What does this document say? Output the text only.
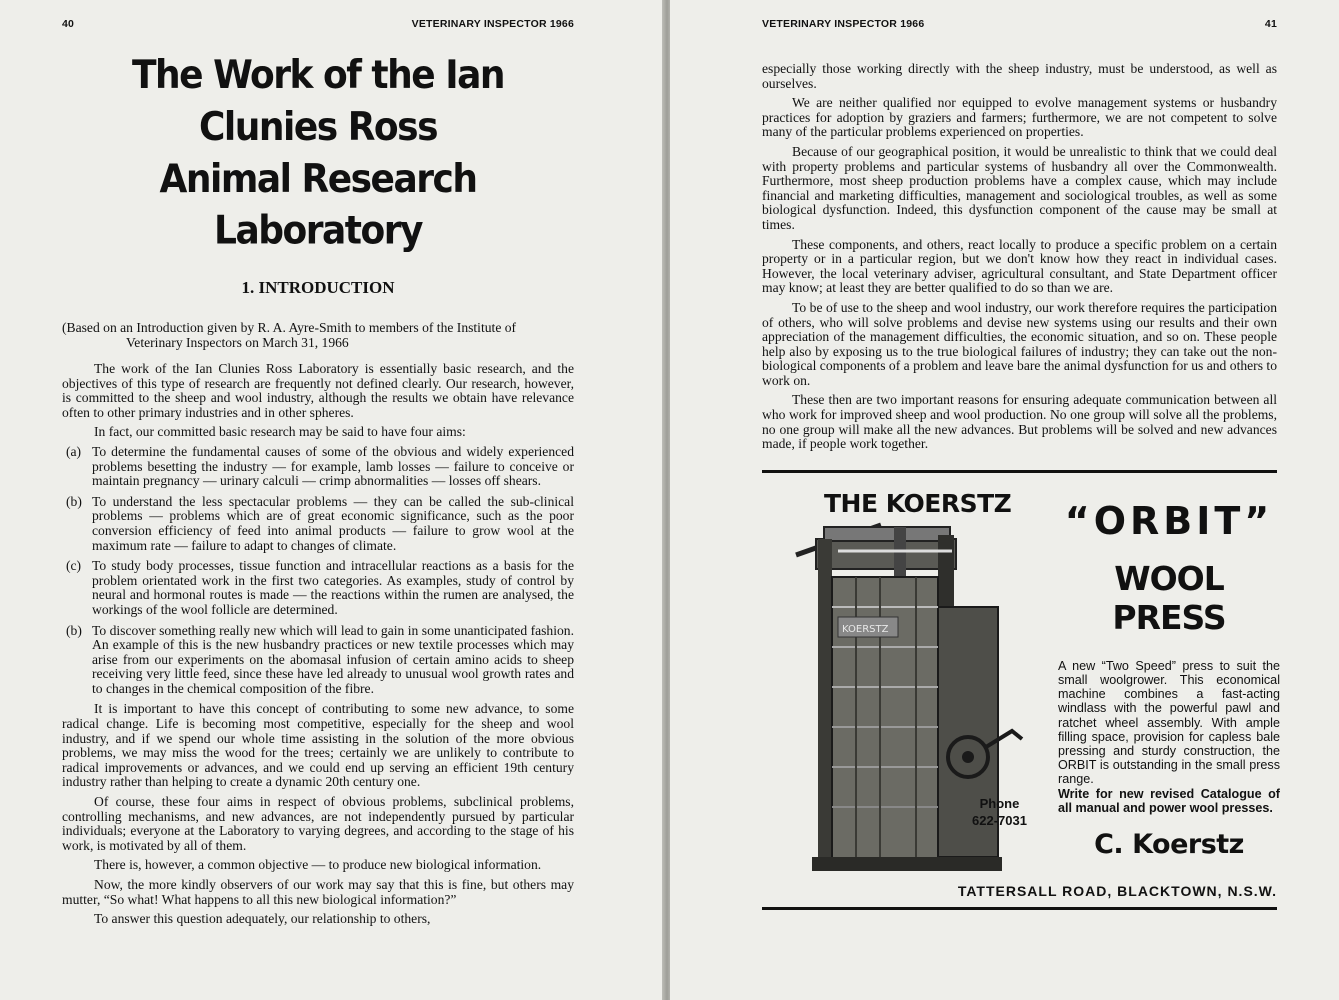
40	VETERINARY INSPECTOR 1966
The Work of the Ian Clunies Ross
Animal Research Laboratory
1. INTRODUCTION
(Based on an Introduction given by R. A. Ayre-Smith to members of the Institute of Veterinary Inspectors on March 31, 1966

The work of the Ian Clunies Ross Laboratory is essentially basic research, and the objectives of this type of research are frequently not defined clearly. Our research, however, is committed to the sheep and wool industry, although the results we obtain have relevance often to other primary industries and in other spheres.

In fact, our committed basic research may be said to have four aims:

(a) To determine the fundamental causes of some of the obvious and widely experienced problems besetting the industry — for example, lamb losses — failure to conceive or maintain pregnancy — urinary calculi — crimp abnormalities — losses off shears.
(b) To understand the less spectacular problems — they can be called the sub-clinical problems — problems which are of great economic significance, such as the poor conversion efficiency of feed into animal products — failure to grow wool at the maximum rate — failure to adapt to changes of climate.
(c) To study body processes, tissue function and intracellular reactions as a basis for the problem orientated work in the first two categories. As examples, study of control by neural and hormonal routes is made — the reactions within the rumen are analysed, the workings of the wool follicle are determined.
(b) To discover something really new which will lead to gain in some unanticipated fashion. An example of this is the new husbandry practices or new textile processes which may arise from our experiments on the abomasal infusion of certain amino acids to sheep receiving very little feed, since these have led already to unusual wool growth rates and to changes in the chemical composition of the fibre.

It is important to have this concept of contributing to some new advance, to some radical change. Life is becoming most competitive, especially for the sheep and wool industry, and if we spend our whole time assisting in the solution of the more obvious problems, we may miss the wood for the trees; certainly we are unlikely to contribute to radical improvements or advances, and we could end up serving an efficient 19th century industry rather than helping to create a dynamic 20th century one.

Of course, these four aims in respect of obvious problems, subclinical problems, controlling mechanisms, and new advances, are not independently pursued by particular individuals; everyone at the Laboratory to varying degrees, and according to the stage of his work, is motivated by all of them.

There is, however, a common objective — to produce new biological information.

Now, the more kindly observers of our work may say that this is fine, but others may mutter, “So what! What happens to all this new biological information?”

To answer this question adequately, our relationship to others,

VETERINARY INSPECTOR 1966	41

especially those working directly with the sheep industry, must be understood, as well as ourselves.

We are neither qualified nor equipped to evolve management systems or husbandry practices for adoption by graziers and farmers; furthermore, we are not competent to solve many of the particular problems experienced on properties.

Because of our geographical position, it would be unrealistic to think that we could deal with property problems and particular systems of husbandry all over the Commonwealth. Furthermore, most sheep production problems have a complex cause, which may include financial and marketing difficulties, management and sociological troubles, as well as some biological dysfunction. Indeed, this dysfunction component of the cause may be small at times.

These components, and others, react locally to produce a specific problem on a certain property or in a particular region, but we don't know how they react in individual cases. However, the local veterinary adviser, agricultural consultant, and State Department officer may know; at least they are better qualified to do so than we are.

To be of use to the sheep and wool industry, our work therefore requires the participation of others, who will solve problems and devise new systems using our results and their own appreciation of the management difficulties, the economic situation, and so on. These people help also by exposing us to the true biological failures of industry; they can take out the non-biological components of a problem and leave bare the animal dysfunction for us and others to work on.

These then are two important reasons for ensuring adequate communication between all who work for improved sheep and wool production. No one group will solve all the problems, no one group will make all the new advances. But problems will be solved and new advances made, if people work together.

THE KOERSTZ
KOERSTZ
Phone
622-7031
“ORBIT”
WOOL PRESS
A new “Two Speed” press to suit the small woolgrower. This economical machine combines a fast-acting windlass with the powerful pawl and ratchet wheel assembly. With ample filling space, provision for capless bale pressing and sturdy construction, the ORBIT is outstanding in the small press range.
Write for new revised Catalogue of all manual and power wool presses.
C. Koerstz
TATTERSALL ROAD, BLACKTOWN, N.S.W.
